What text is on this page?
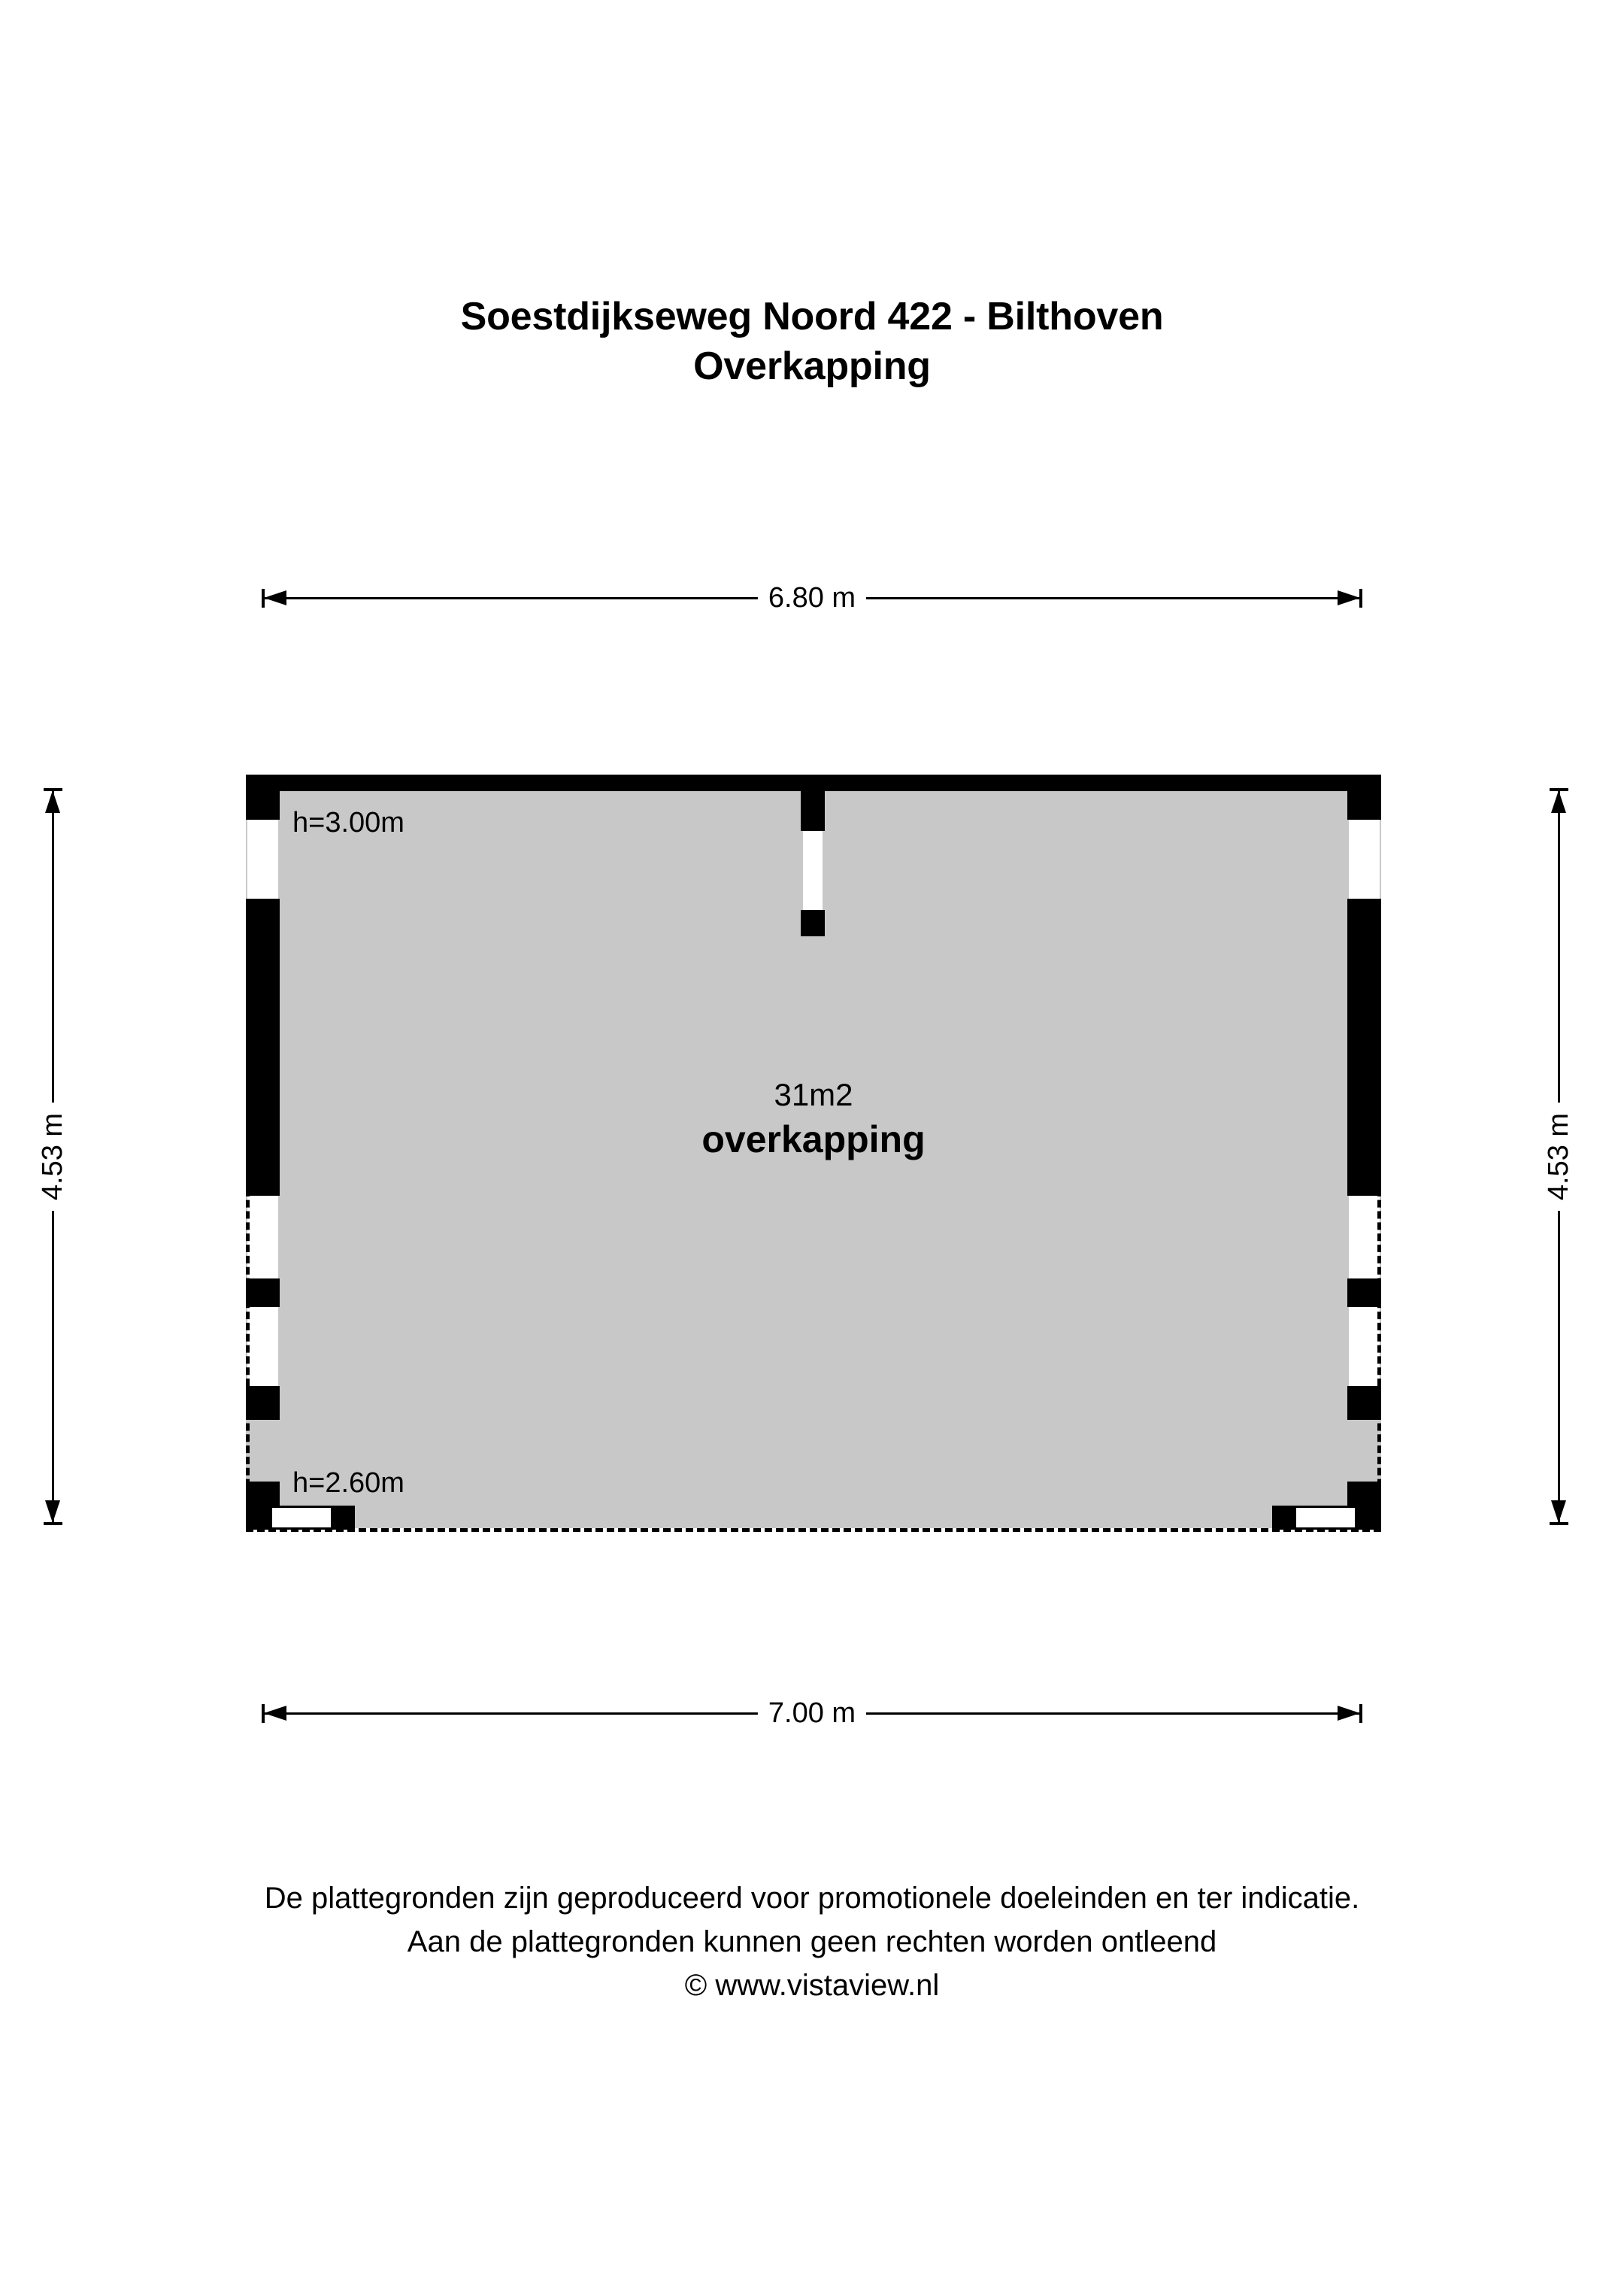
Soestdijkseweg Noord 422 - Bilthoven
Overkapping
6.80 m
4.53 m	4.53 m
h=3.00m
h=2.60m
31m2
overkapping
7.00 m
De plattegronden zijn geproduceerd voor promotionele doeleinden en ter indicatie.
Aan de plattegronden kunnen geen rechten worden ontleend
© www.vistaview.nl
